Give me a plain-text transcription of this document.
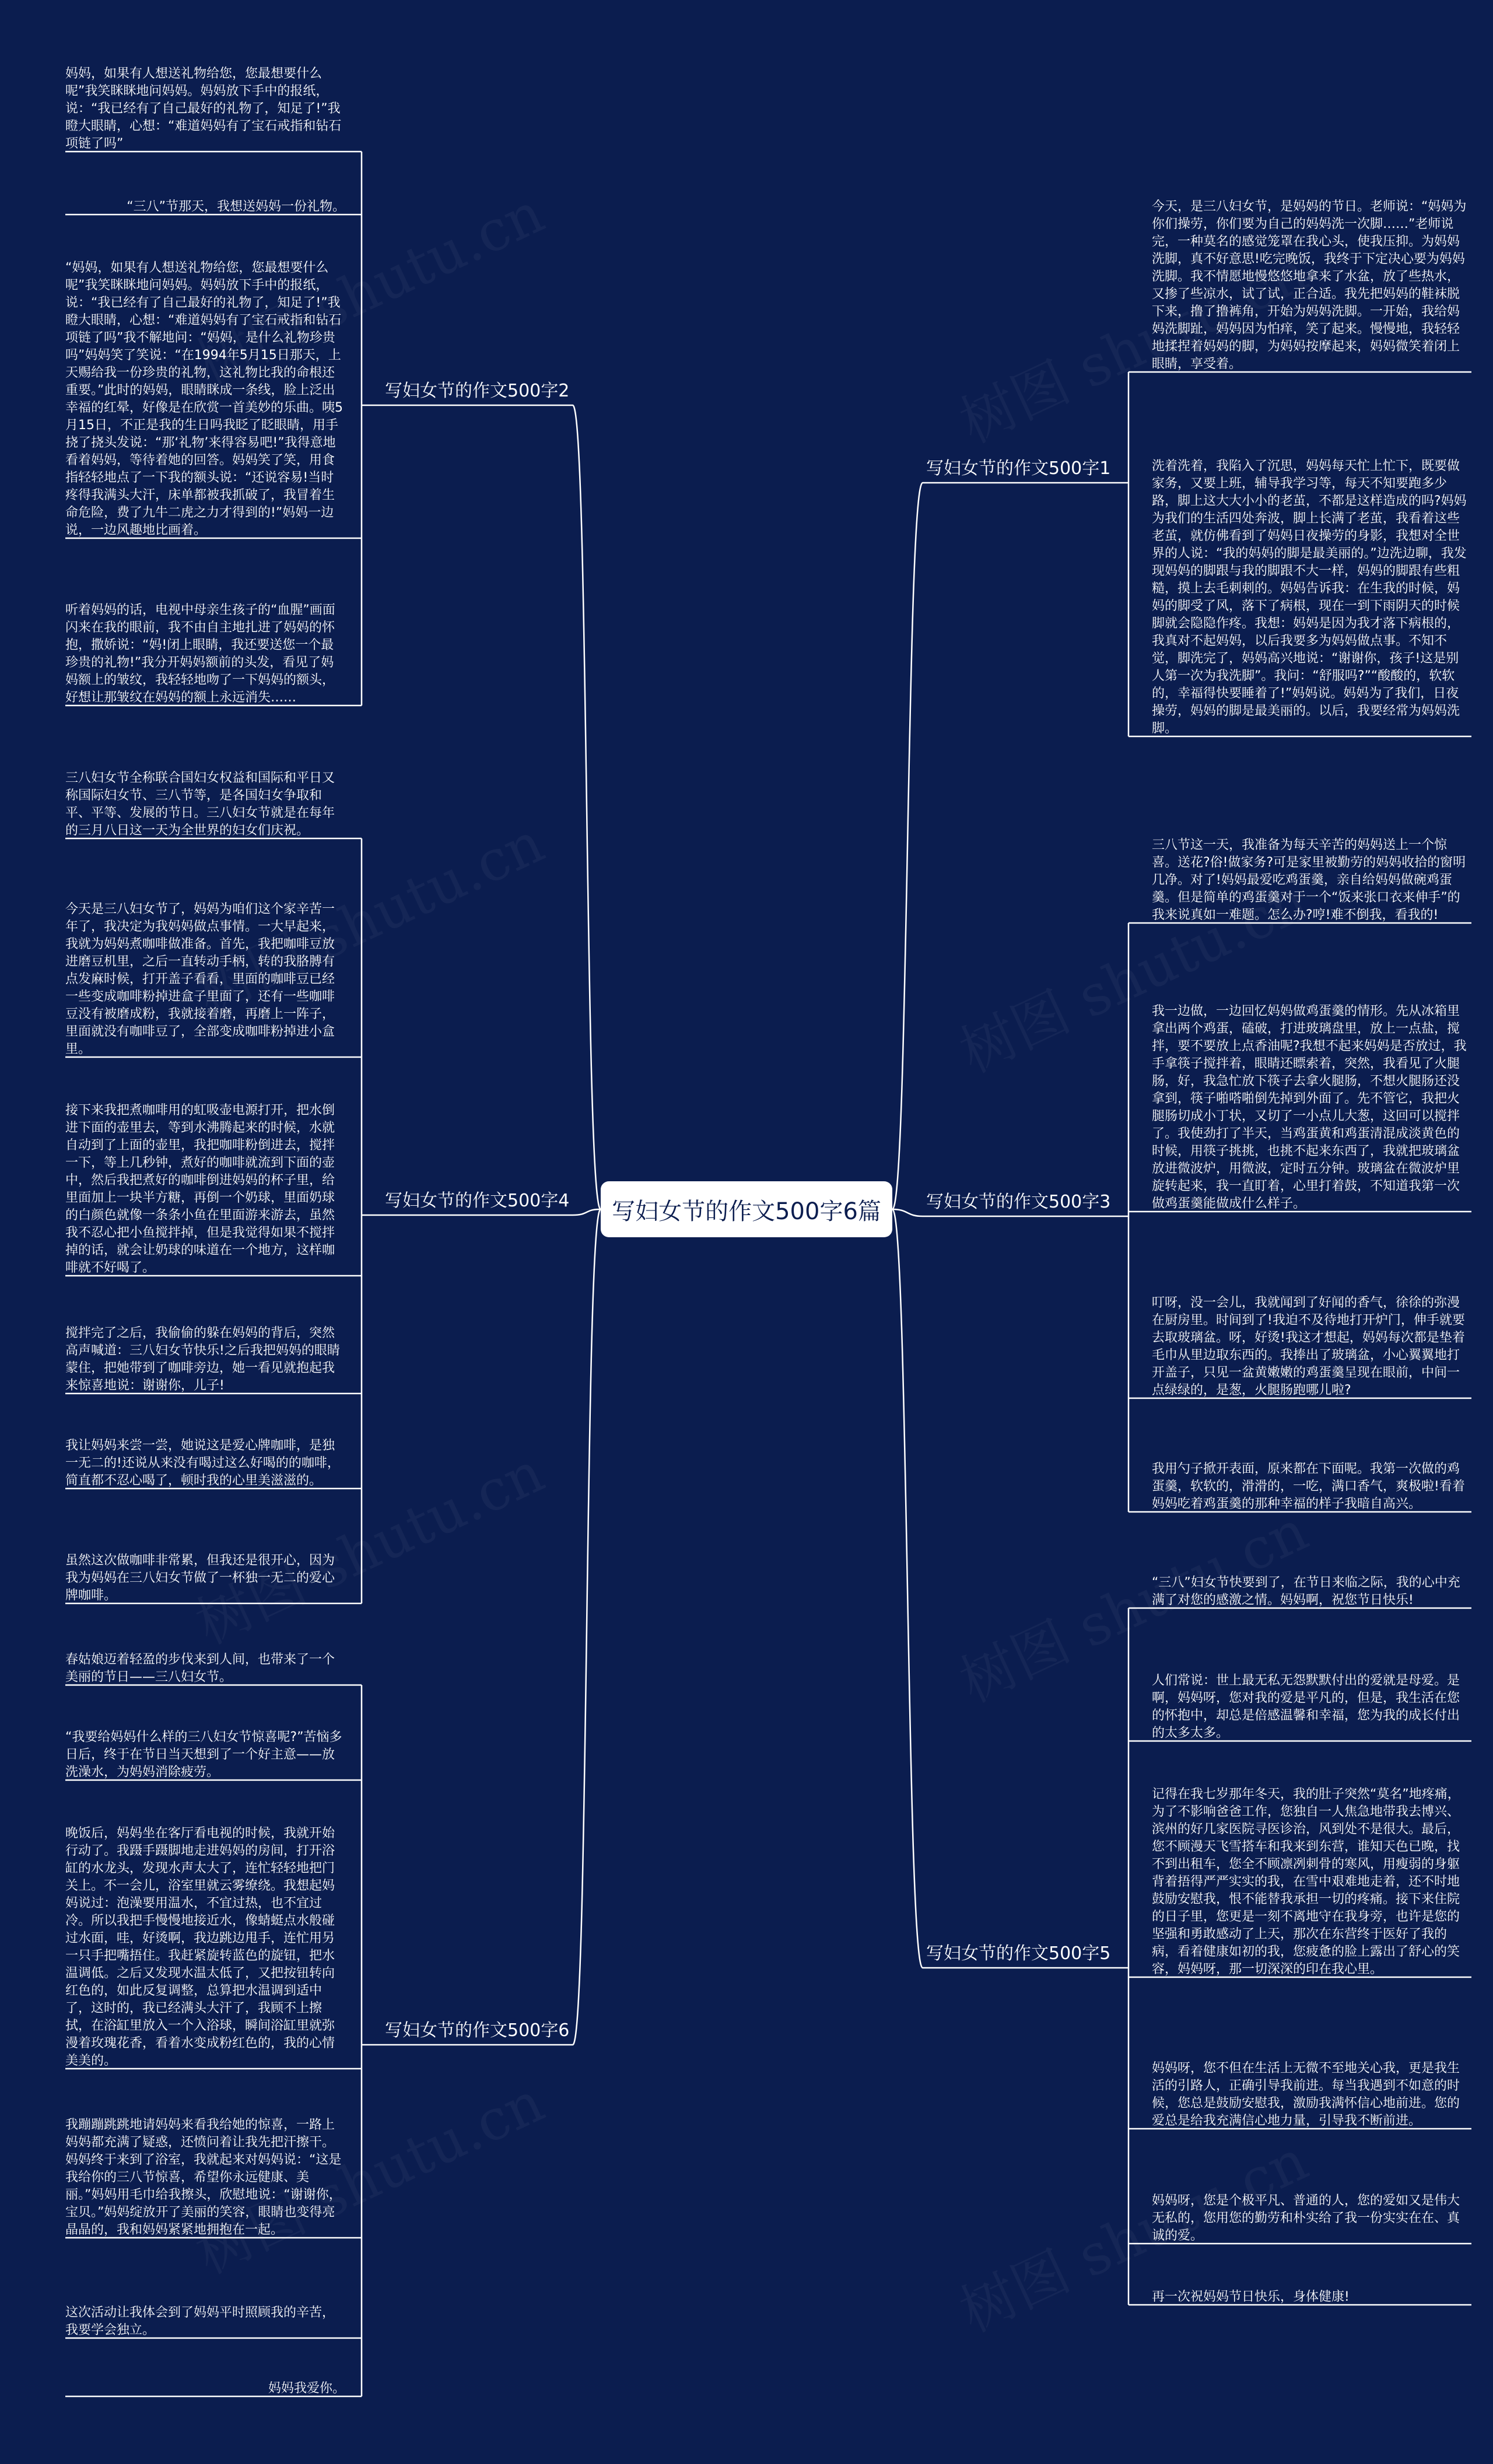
写妇女节的作文500字6篇
写妇女节的作文500字1
今天，是三八妇女节，是妈妈的节日。老师说：“妈妈为你们操劳，你们要为自己的妈妈洗一次脚……”老师说完，一种莫名的感觉笼罩在我心头，使我压抑。为妈妈洗脚，真不好意思!吃完晚饭，我终于下定决心要为妈妈洗脚。我不情愿地慢悠悠地拿来了水盆，放了些热水，又掺了些凉水，试了试，正合适。我先把妈妈的鞋袜脱下来，撸了撸裤角，开始为妈妈洗脚。一开始，我给妈妈洗脚趾，妈妈因为怕痒，笑了起来。慢慢地，我轻轻地揉捏着妈妈的脚，为妈妈按摩起来，妈妈微笑着闭上眼睛，享受着。
洗着洗着，我陷入了沉思，妈妈每天忙上忙下，既要做家务，又要上班，辅导我学习等，每天不知要跑多少路，脚上这大大小小的老茧，不都是这样造成的吗?妈妈为我们的生活四处奔波，脚上长满了老茧，我看着这些老茧，就仿佛看到了妈妈日夜操劳的身影，我想对全世界的人说：“我的妈妈的脚是最美丽的。”边洗边聊，我发现妈妈的脚跟与我的脚跟不大一样，妈妈的脚跟有些粗糙，摸上去毛刺刺的。妈妈告诉我：在生我的时候，妈妈的脚受了风，落下了病根，现在一到下雨阴天的时候脚就会隐隐作疼。我想：妈妈是因为我才落下病根的，我真对不起妈妈，以后我要多为妈妈做点事。不知不觉，脚洗完了，妈妈高兴地说：“谢谢你，孩子!这是别人第一次为我洗脚”。我问：“舒服吗?”“酸酸的，软软的，幸福得快要睡着了!”妈妈说。妈妈为了我们，日夜操劳，妈妈的脚是最美丽的。以后，我要经常为妈妈洗脚。
写妇女节的作文500字2
妈妈，如果有人想送礼物给您，您最想要什么呢”我笑眯眯地问妈妈。妈妈放下手中的报纸，说：“我已经有了自己最好的礼物了，知足了!”我瞪大眼睛，心想：“难道妈妈有了宝石戒指和钻石项链了吗”
“三八”节那天，我想送妈妈一份礼物。
“妈妈，如果有人想送礼物给您，您最想要什么呢”我笑眯眯地问妈妈。妈妈放下手中的报纸，说：“我已经有了自己最好的礼物了，知足了!”我瞪大眼睛，心想：“难道妈妈有了宝石戒指和钻石项链了吗”我不解地问：“妈妈，是什么礼物珍贵吗”妈妈笑了笑说：“在1994年5月15日那天，上天赐给我一份珍贵的礼物，这礼物比我的命根还重要。”此时的妈妈，眼睛眯成一条线，脸上泛出幸福的红晕，好像是在欣赏一首美妙的乐曲。咦5月15日，不正是我的生日吗我眨了眨眼睛，用手挠了挠头发说：“那‘礼物’来得容易吧!”我得意地看着妈妈，等待着她的回答。妈妈笑了笑，用食指轻轻地点了一下我的额头说：“还说容易!当时疼得我满头大汗，床单都被我抓破了，我冒着生命危险，费了九牛二虎之力才得到的!”妈妈一边说，一边风趣地比画着。
听着妈妈的话，电视中母亲生孩子的“血腥”画面闪来在我的眼前，我不由自主地扎进了妈妈的怀抱，撒娇说：“妈!闭上眼睛，我还要送您一个最珍贵的礼物!”我分开妈妈额前的头发，看见了妈妈额上的皱纹，我轻轻地吻了一下妈妈的额头，好想让那皱纹在妈妈的额上永远消失……
写妇女节的作文500字3
三八节这一天，我准备为每天辛苦的妈妈送上一个惊喜。送花?俗!做家务?可是家里被勤劳的妈妈收拾的窗明几净。对了!妈妈最爱吃鸡蛋羹，亲自给妈妈做碗鸡蛋羹。但是简单的鸡蛋羹对于一个“饭来张口衣来伸手”的我来说真如一难题。怎么办?哼!难不倒我，看我的!
我一边做，一边回忆妈妈做鸡蛋羹的情形。先从冰箱里拿出两个鸡蛋，磕破，打进玻璃盘里，放上一点盐，搅拌，要不要放上点香油呢?我想不起来妈妈是否放过，我手拿筷子搅拌着，眼睛还瞟索着，突然，我看见了火腿肠，好，我急忙放下筷子去拿火腿肠，不想火腿肠还没拿到，筷子啪嗒啪倒先掉到外面了。先不管它，我把火腿肠切成小丁状，又切了一小点儿大葱，这回可以搅拌了。我使劲打了半天，当鸡蛋黄和鸡蛋清混成淡黄色的时候，用筷子挑挑，也挑不起来东西了，我就把玻璃盆放进微波炉，用微波，定时五分钟。玻璃盆在微波炉里旋转起来，我一直盯着，心里打着鼓，不知道我第一次做鸡蛋羹能做成什么样子。
叮呀，没一会儿，我就闻到了好闻的香气，徐徐的弥漫在厨房里。时间到了!我迫不及待地打开炉门，伸手就要去取玻璃盆。呀，好烫!我这才想起，妈妈每次都是垫着毛巾从里边取东西的。我捧出了玻璃盆，小心翼翼地打开盖子，只见一盆黄嫩嫩的鸡蛋羹呈现在眼前，中间一点绿绿的，是葱，火腿肠跑哪儿啦?
我用勺子掀开表面，原来都在下面呢。我第一次做的鸡蛋羹，软软的，滑滑的，一吃，满口香气，爽极啦!看着妈妈吃着鸡蛋羹的那种幸福的样子我暗自高兴。
写妇女节的作文500字4
三八妇女节全称联合国妇女权益和国际和平日又称国际妇女节、三八节等，是各国妇女争取和平、平等、发展的节日。三八妇女节就是在每年的三月八日这一天为全世界的妇女们庆祝。
今天是三八妇女节了，妈妈为咱们这个家辛苦一年了，我决定为我妈妈做点事情。一大早起来，我就为妈妈煮咖啡做准备。首先，我把咖啡豆放进磨豆机里，之后一直转动手柄，转的我胳膊有点发麻时候，打开盖子看看，里面的咖啡豆已经一些变成咖啡粉掉进盒子里面了，还有一些咖啡豆没有被磨成粉，我就接着磨，再磨上一阵子，里面就没有咖啡豆了，全部变成咖啡粉掉进小盒里。
接下来我把煮咖啡用的虹吸壶电源打开，把水倒进下面的壶里去，等到水沸腾起来的时候，水就自动到了上面的壶里，我把咖啡粉倒进去，搅拌一下，等上几秒钟，煮好的咖啡就流到下面的壶中，然后我把煮好的咖啡倒进妈妈的杯子里，给里面加上一块半方糖，再倒一个奶球，里面奶球的白颜色就像一条条小鱼在里面游来游去，虽然我不忍心把小鱼搅拌掉，但是我觉得如果不搅拌掉的话，就会让奶球的味道在一个地方，这样咖啡就不好喝了。
搅拌完了之后，我偷偷的躲在妈妈的背后，突然高声喊道：三八妇女节快乐!之后我把妈妈的眼睛蒙住，把她带到了咖啡旁边，她一看见就抱起我来惊喜地说：谢谢你，儿子!
我让妈妈来尝一尝，她说这是爱心牌咖啡，是独一无二的!还说从来没有喝过这么好喝的的咖啡，简直都不忍心喝了，顿时我的心里美滋滋的。
虽然这次做咖啡非常累，但我还是很开心，因为我为妈妈在三八妇女节做了一杯独一无二的爱心牌咖啡。
写妇女节的作文500字5
“三八”妇女节快要到了，在节日来临之际，我的心中充满了对您的感激之情。妈妈啊，祝您节日快乐!
人们常说：世上最无私无怨默默付出的爱就是母爱。是啊，妈妈呀，您对我的爱是平凡的，但是，我生活在您的怀抱中，却总是倍感温馨和幸福，您为我的成长付出的太多太多。
记得在我七岁那年冬天，我的肚子突然“莫名”地疼痛，为了不影响爸爸工作，您独自一人焦急地带我去博兴、滨州的好几家医院寻医诊治，风到处不是很大。最后，您不顾漫天飞雪搭车和我来到东营，谁知天色已晚，找不到出租车，您全不顾凛冽刺骨的寒风，用瘦弱的身躯背着捂得严严实实的我，在雪中艰难地走着，还不时地鼓励安慰我，恨不能替我承担一切的疼痛。接下来住院的日子里，您更是一刻不离地守在我身旁，也许是您的坚强和勇敢感动了上天，那次在东营终于医好了我的病，看着健康如初的我，您疲惫的脸上露出了舒心的笑容，妈妈呀，那一切深深的印在我心里。
妈妈呀，您不但在生活上无微不至地关心我，更是我生活的引路人，正确引导我前进。每当我遇到不如意的时候，您总是鼓励安慰我，激励我满怀信心地前进。您的爱总是给我充满信心地力量，引导我不断前进。
妈妈呀，您是个极平凡、普通的人，您的爱如又是伟大无私的，您用您的勤劳和朴实给了我一份实实在在、真诚的爱。
再一次祝妈妈节日快乐，身体健康!
写妇女节的作文500字6
春姑娘迈着轻盈的步伐来到人间，也带来了一个美丽的节日——三八妇女节。
“我要给妈妈什么样的三八妇女节惊喜呢?”苦恼多日后，终于在节日当天想到了一个好主意——放洗澡水，为妈妈消除疲劳。
晚饭后，妈妈坐在客厅看电视的时候，我就开始行动了。我蹑手蹑脚地走进妈妈的房间，打开浴缸的水龙头，发现水声太大了，连忙轻轻地把门关上。不一会儿，浴室里就云雾缭绕。我想起妈妈说过：泡澡要用温水，不宜过热，也不宜过冷。所以我把手慢慢地接近水，像蜻蜓点水般碰过水面，哇，好烫啊，我边跳边甩手，连忙用另一只手把嘴捂住。我赶紧旋转蓝色的旋钮，把水温调低。之后又发现水温太低了，又把按钮转向红色的，如此反复调整，总算把水温调到适中了，这时的，我已经满头大汗了，我顾不上擦拭，在浴缸里放入一个入浴球，瞬间浴缸里就弥漫着玫瑰花香，看着水变成粉红色的，我的心情美美的。
我蹦蹦跳跳地请妈妈来看我给她的惊喜，一路上妈妈都充满了疑惑，还愤问着让我先把汗擦干。妈妈终于来到了浴室，我就起来对妈妈说：“这是我给你的三八节惊喜，希望你永远健康、美丽。”妈妈用毛巾给我擦头，欣慰地说：“谢谢你，宝贝。”妈妈绽放开了美丽的笑容，眼睛也变得亮晶晶的，我和妈妈紧紧地拥抱在一起。
这次活动让我体会到了妈妈平时照顾我的辛苦，我要学会独立。
妈妈我爱你。
